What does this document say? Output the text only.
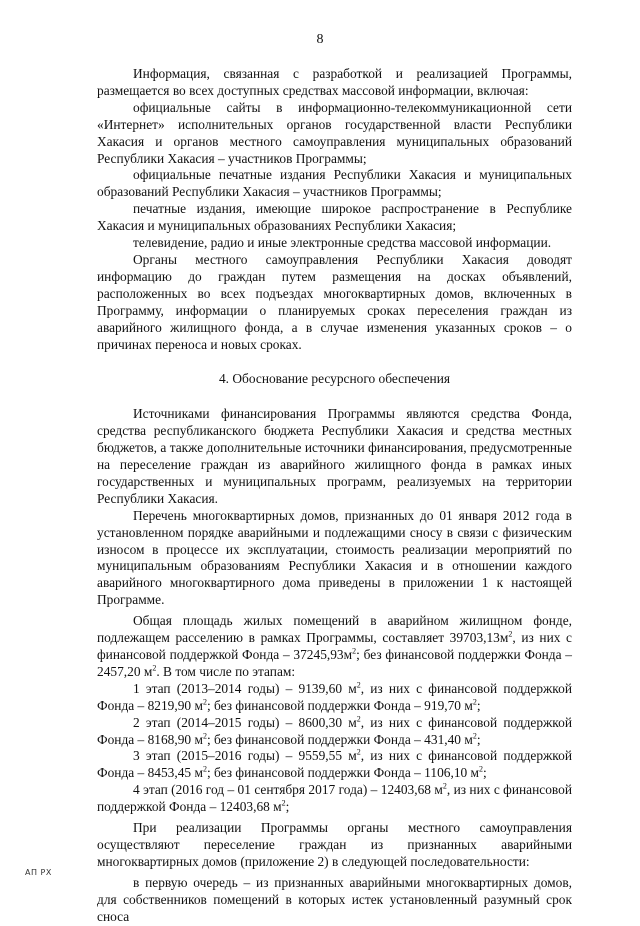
8

Информация, связанная с разработкой и реализацией Программы, размещается во всех доступных средствах массовой информации, включая:

официальные сайты в информационно-телекоммуникационной сети «Интернет» исполнительных органов государственной власти Республики Хакасия и органов местного самоуправления муниципальных образований Республики Хакасия – участников Программы;

официальные печатные издания Республики Хакасия и муниципальных образований Республики Хакасия – участников Программы;

печатные издания, имеющие широкое распространение в Республике Хакасия и муниципальных образованиях Республики Хакасия;

телевидение, радио и иные электронные средства массовой информации.

Органы местного самоуправления Республики Хакасия доводят информацию до граждан путем размещения на досках объявлений, расположенных во всех подъездах многоквартирных домов, включенных в Программу, информации о планируемых сроках переселения граждан из аварийного жилищного фонда, а в случае изменения указанных сроков – о причинах переноса и новых сроках.

4. Обоснование ресурсного обеспечения

Источниками финансирования Программы являются средства Фонда, средства республиканского бюджета Республики Хакасия и средства местных бюджетов, а также дополнительные источники финансирования, предусмотренные на переселение граждан из аварийного жилищного фонда в рамках иных государственных и муниципальных программ, реализуемых на территории Республики Хакасия.

Перечень многоквартирных домов, признанных до 01 января 2012 года в установленном порядке аварийными и подлежащими сносу в связи с физическим износом в процессе их эксплуатации, стоимость реализации мероприятий по муниципальным образованиям Республики Хакасия и в отношении каждого аварийного многоквартирного дома приведены в приложении 1 к настоящей Программе.

Общая площадь жилых помещений в аварийном жилищном фонде, подлежащем расселению в рамках Программы, составляет $39703,13м^2$, из них с финансовой поддержкой Фонда – $37245,93м^2$; без финансовой поддержки Фонда – 2457,20 $м^2$. В том числе по этапам:

1 этап (2013–2014 годы) – 9139,60 $м^2$, из них с финансовой поддержкой Фонда – 8219,90 $м^2$; без финансовой поддержки Фонда – 919,70 $м^2$;

2 этап (2014–2015 годы) – 8600,30 $м^2$, из них с финансовой поддержкой Фонда – 8168,90 $м^2$; без финансовой поддержки Фонда – 431,40 $м^2$;

3 этап (2015–2016 годы) – 9559,55 $м^2$, из них с финансовой поддержкой Фонда – 8453,45 $м^2$; без финансовой поддержки Фонда – 1106,10 $м^2$;

4 этап (2016 год – 01 сентября 2017 года) – 12403,68 $м^2$, из них с финансовой поддержкой Фонда – 12403,68 $м^2$;

При реализации Программы органы местного самоуправления осуществляют переселение граждан из признанных аварийными многоквартирных домов (приложение 2) в следующей последовательности:

в первую очередь – из признанных аварийными многоквартирных домов, для собственников помещений в которых истек установленный разумный срок сноса

АП РХ
